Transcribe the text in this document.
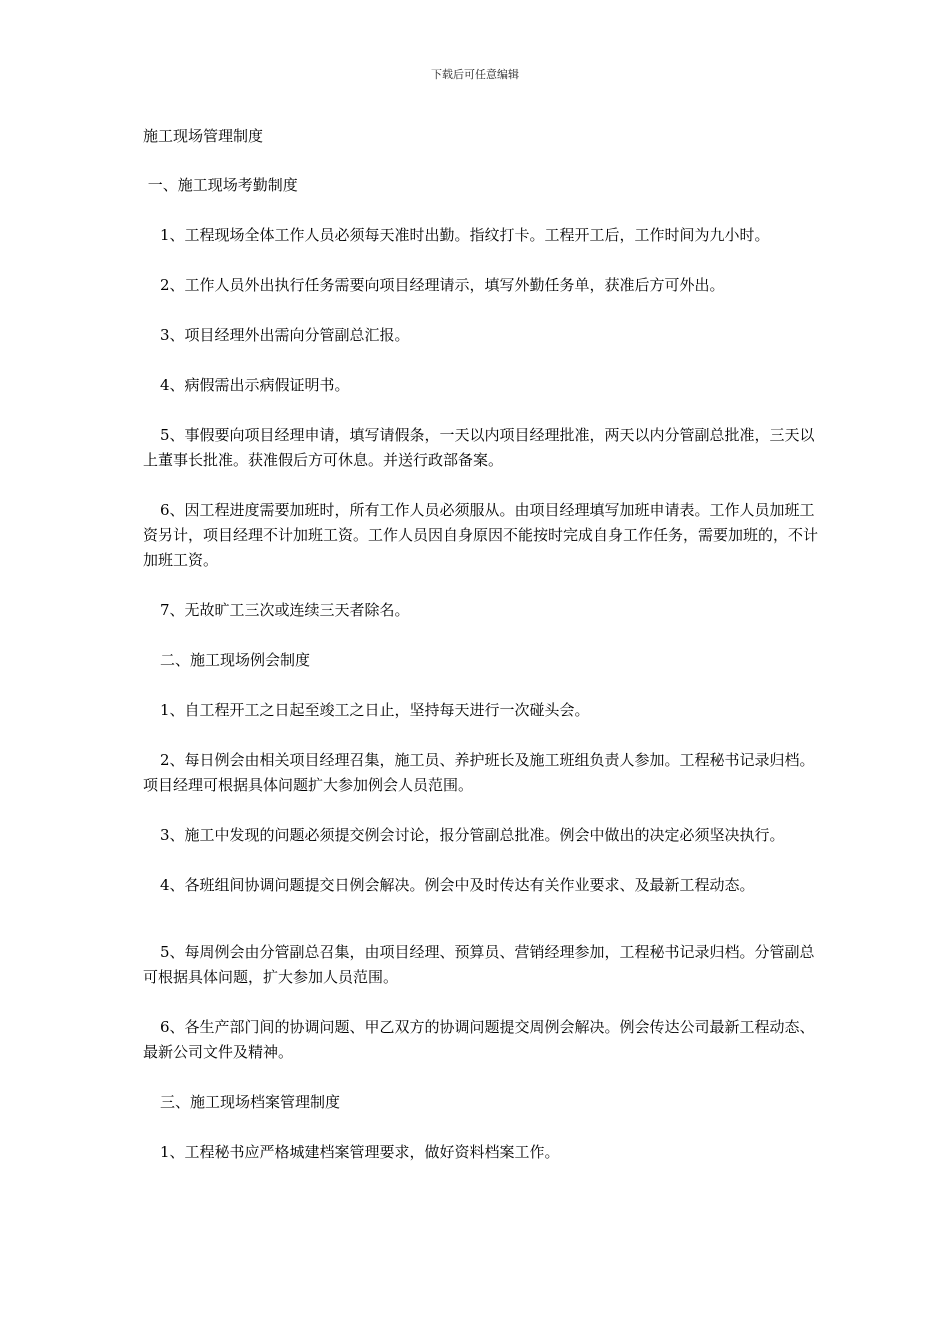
下载后可任意编辑

施工现场管理制度

一、施工现场考勤制度

1、工程现场全体工作人员必须每天准时出勤。指纹打卡。工程开工后，工作时间为九小时。

2、工作人员外出执行任务需要向项目经理请示，填写外勤任务单，获准后方可外出。

3、项目经理外出需向分管副总汇报。

4、病假需出示病假证明书。

5、事假要向项目经理申请，填写请假条，一天以内项目经理批准，两天以内分管副总批准，三天以上董事长批准。获准假后方可休息。并送行政部备案。

6、因工程进度需要加班时，所有工作人员必须服从。由项目经理填写加班申请表。工作人员加班工资另计，项目经理不计加班工资。工作人员因自身原因不能按时完成自身工作任务，需要加班的，不计加班工资。

7、无故旷工三次或连续三天者除名。

二、施工现场例会制度

1、自工程开工之日起至竣工之日止，坚持每天进行一次碰头会。

2、每日例会由相关项目经理召集，施工员、养护班长及施工班组负责人参加。工程秘书记录归档。项目经理可根据具体问题扩大参加例会人员范围。

3、施工中发现的问题必须提交例会讨论，报分管副总批准。例会中做出的决定必须坚决执行。

4、各班组间协调问题提交日例会解决。例会中及时传达有关作业要求、及最新工程动态。

5、每周例会由分管副总召集，由项目经理、预算员、营销经理参加，工程秘书记录归档。分管副总可根据具体问题，扩大参加人员范围。

6、各生产部门间的协调问题、甲乙双方的协调问题提交周例会解决。例会传达公司最新工程动态、最新公司文件及精神。

三、施工现场档案管理制度

1、工程秘书应严格城建档案管理要求，做好资料档案工作。
